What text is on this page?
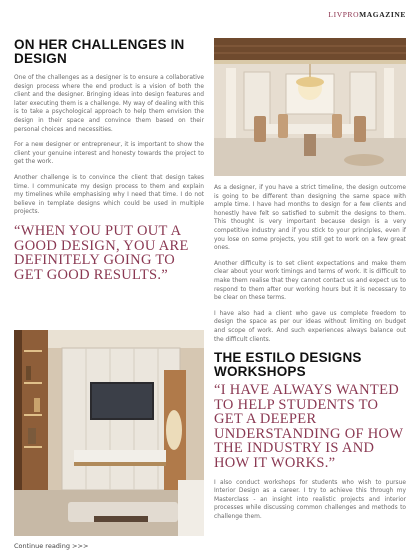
LIVPROMAGAZINE
ON HER CHALLENGES IN DESIGN

One of the challenges as a designer is to ensure a collaborative design process where the end product is a vision of both the client and the designer. Bringing ideas into design features and later executing them is a challenge. My way of dealing with this is to take a psychological approach to help them envision the design in their space and convince them based on their personal choices and necessities.

For a new designer or entrepreneur, it is important to show the client your genuine interest and honesty towards the project to get the work.

Another challenge is to convince the client that design takes time. I communicate my design process to them and explain my timelines while emphasising why I need that time. I do not believe in template designs which could be used in multiple projects.

“WHEN YOU PUT OUT A GOOD DESIGN, YOU ARE DEFINITELY GOING TO GET GOOD RESULTS.”

As a designer, if you have a strict timeline, the design outcome is going to be different than designing the same space with ample time. I have had months to design for a few clients and honestly have felt so satisfied to submit the designs to them. This thought is very important because design is a very competitive industry and if you stick to your principles, even if you lose on some projects, you still get to work on a few great ones.

Another difficulty is to set client expectations and make them clear about your work timings and terms of work. It is difficult to make them realise that they cannot contact us and expect us to respond to them after our working hours but it is necessary to be clear on these terms.

I have also had a client who gave us complete freedom to design the space as per our ideas without limiting on budget and scope of work. And such experiences always balance out the difficult clients.

THE ESTILO DESIGNS WORKSHOPS
“I HAVE ALWAYS WANTED TO HELP STUDENTS TO GET A DEEPER UNDERSTANDING OF HOW THE INDUSTRY IS AND HOW IT WORKS.”

I also conduct workshops for students who wish to pursue Interior Design as a career. I try to achieve this through my Masterclass - an insight into realistic projects and interior processes while discussing common challenges and methods to challenge them.

Continue reading >>>
